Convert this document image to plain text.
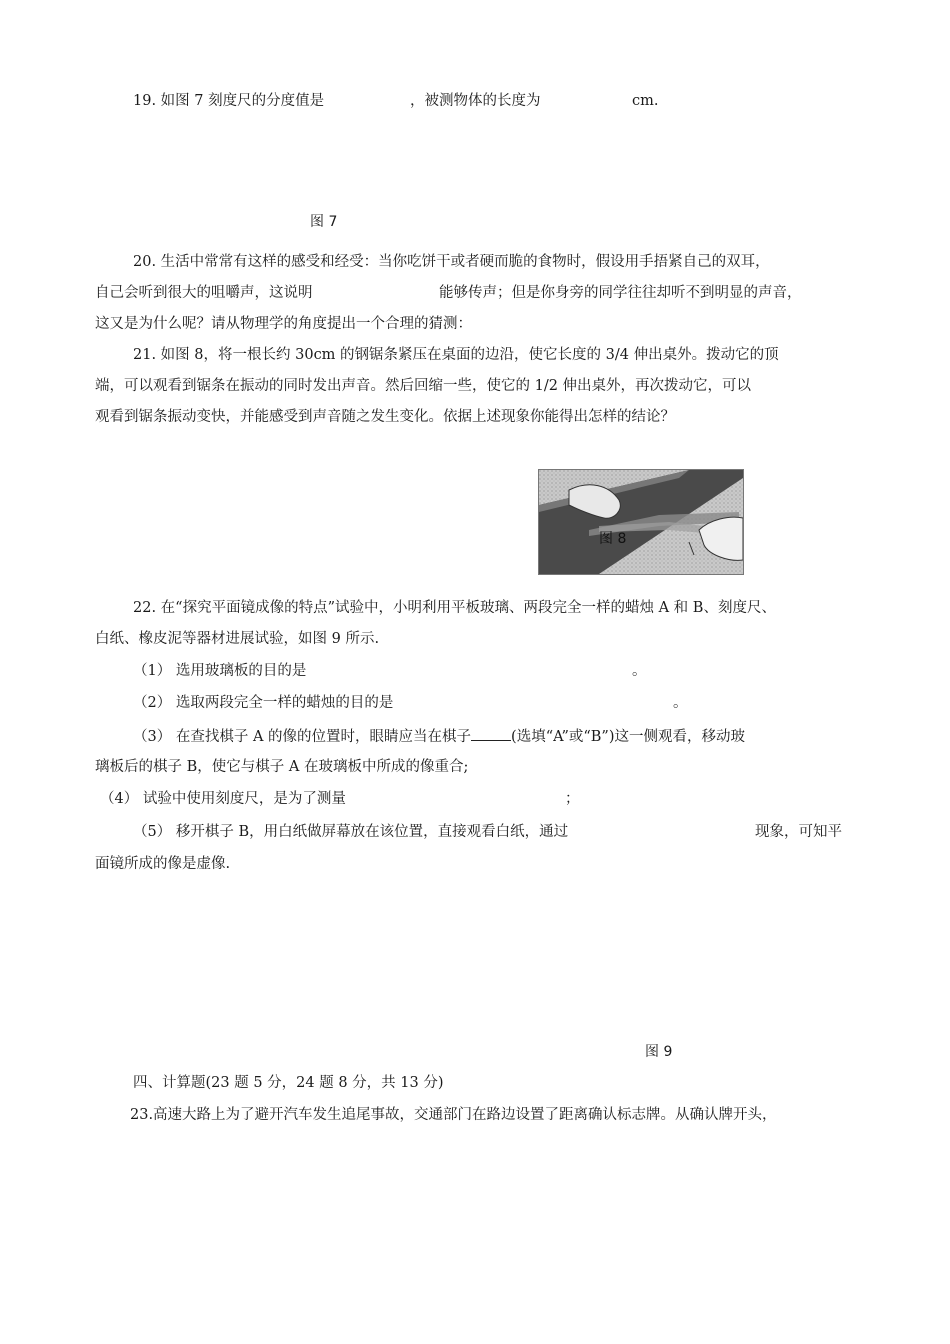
19. 如图 7 刻度尺的分度值是	，被测物体的长度为	cm.
图 7
20. 生活中常常有这样的感受和经受：当你吃饼干或者硬而脆的食物时，假设用手捂紧自己的双耳，
自己会听到很大的咀嚼声，这说明	能够传声；但是你身旁的同学往往却听不到明显的声音，
这又是为什么呢？请从物理学的角度提出一个合理的猜测：
21. 如图 8，将一根长约 30cm 的钢锯条紧压在桌面的边沿，使它长度的 3/4 伸出桌外。拨动它的顶
端，可以观看到锯条在振动的同时发出声音。然后回缩一些，使它的 1/2 伸出桌外，再次拨动它，可以
观看到锯条振动变快，并能感受到声音随之发生变化。依据上述现象你能得出怎样的结论？
图 8
22. 在“探究平面镜成像的特点”试验中，小明利用平板玻璃、两段完全一样的蜡烛 A 和 B、刻度尺、
白纸、橡皮泥等器材进展试验，如图 9 所示.
（1） 选用玻璃板的目的是	。
（2） 选取两段完全一样的蜡烛的目的是	。
（3） 在查找棋子 A 的像的位置时，眼睛应当在棋子	(选填“A”或“B”)这一侧观看，移动玻
璃板后的棋子 B，使它与棋子 A 在玻璃板中所成的像重合;
（4） 试验中使用刻度尺，是为了测量	；
（5） 移开棋子 B，用白纸做屏幕放在该位置，直接观看白纸，通过	现象，可知平
面镜所成的像是虚像.
图 9
四、计算题(23 题 5 分，24 题 8 分，共 13 分)
23.高速大路上为了避开汽车发生追尾事故，交通部门在路边设置了距离确认标志牌。从确认牌开头，
